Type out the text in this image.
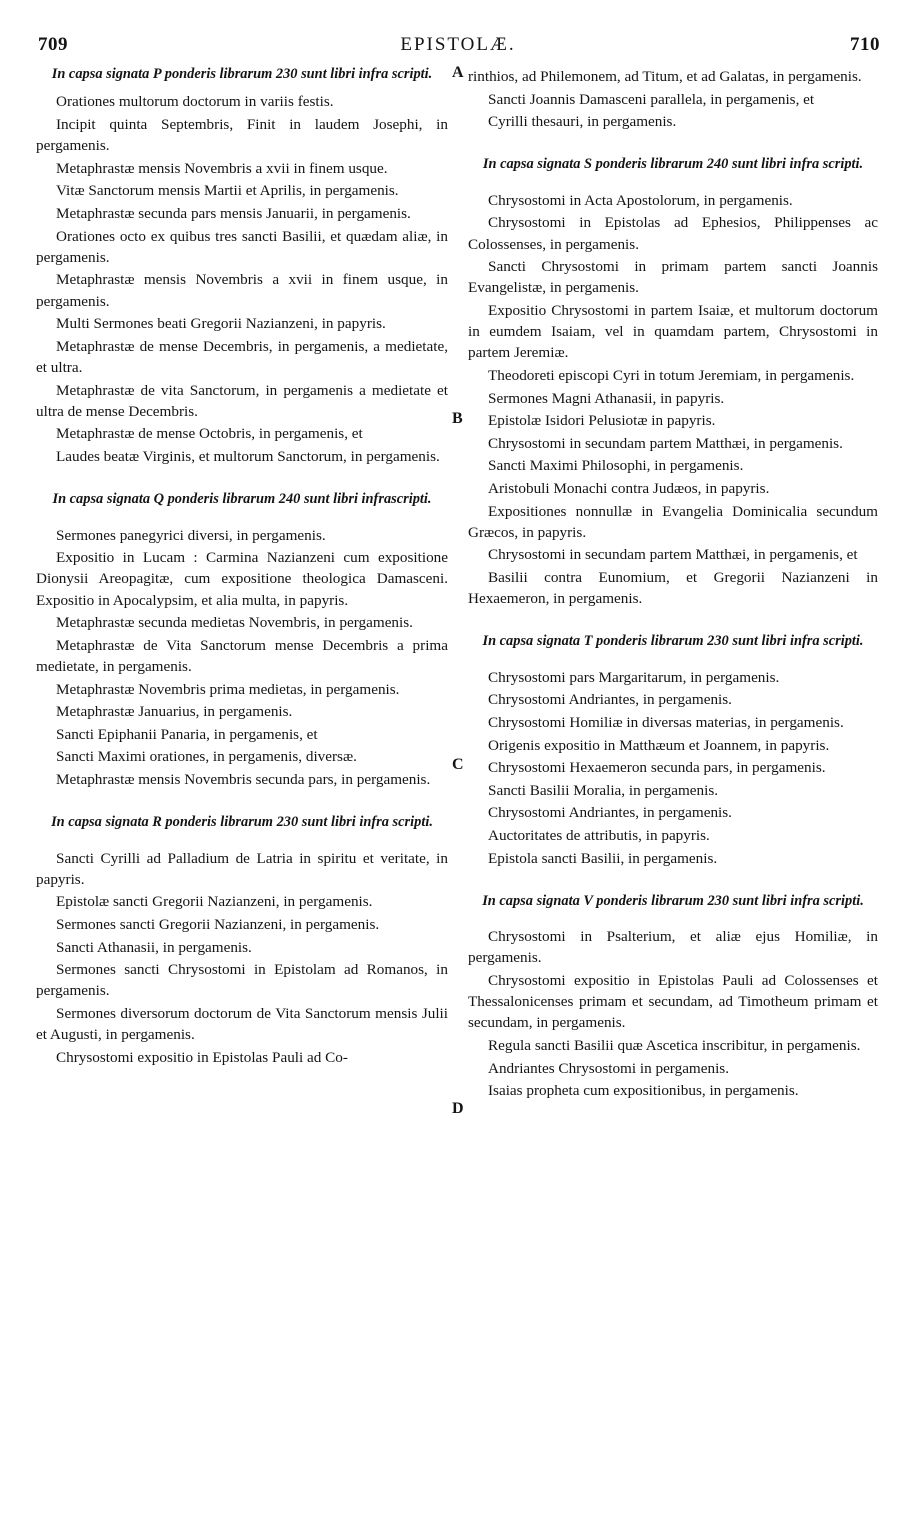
709	EPISTOLÆ.	710

In capsa signata P ponderis librarum 230 sunt libri infra scripti.

Orationes multorum doctorum in variis festis.

Incipit quinta Septembris, Finit in laudem Josephi, in pergamenis.

Metaphrastæ mensis Novembris a xvii in finem usque.

Vitæ Sanctorum mensis Martii et Aprilis, in pergamenis.

Metaphrastæ secunda pars mensis Januarii, in pergamenis.

Orationes octo ex quibus tres sancti Basilii, et quædam aliæ, in pergamenis.

Metaphrastæ mensis Novembris a xvii in finem usque, in pergamenis.

Multi Sermones beati Gregorii Nazianzeni, in papyris.

Metaphrastæ de mense Decembris, in pergamenis, a medietate, et ultra.

Metaphrastæ de vita Sanctorum, in pergamenis a medietate et ultra de mense Decembris.

Metaphrastæ de mense Octobris, in pergamenis, et

Laudes beatæ Virginis, et multorum Sanctorum, in pergamenis.

In capsa signata Q ponderis librarum 240 sunt libri infrascripti.

Sermones panegyrici diversi, in pergamenis.

Expositio in Lucam : Carmina Nazianzeni cum expositione Dionysii Areopagitæ, cum expositione theologica Damasceni. Expositio in Apocalypsim, et alia multa, in papyris.

Metaphrastæ secunda medietas Novembris, in pergamenis.

Metaphrastæ de Vita Sanctorum mense Decembris a prima medietate, in pergamenis.

Metaphrastæ Novembris prima medietas, in pergamenis.

Metaphrastæ Januarius, in pergamenis.

Sancti Epiphanii Panaria, in pergamenis, et

Sancti Maximi orationes, in pergamenis, diversæ.

Metaphrastæ mensis Novembris secunda pars, in pergamenis.

In capsa signata R ponderis librarum 230 sunt libri infra scripti.

Sancti Cyrilli ad Palladium de Latria in spiritu et veritate, in papyris.

Epistolæ sancti Gregorii Nazianzeni, in pergamenis.

Sermones sancti Gregorii Nazianzeni, in pergamenis.

Sancti Athanasii, in pergamenis.

Sermones sancti Chrysostomi in Epistolam ad Romanos, in pergamenis.

Sermones diversorum doctorum de Vita Sanctorum mensis Julii et Augusti, in pergamenis.

Chrysostomi expositio in Epistolas Pauli ad Co-

rinthios, ad Philemonem, ad Titum, et ad Galatas, in pergamenis.

Sancti Joannis Damasceni parallela, in pergamenis, et

Cyrilli thesauri, in pergamenis.

In capsa signata S ponderis librarum 240 sunt libri infra scripti.

Chrysostomi in Acta Apostolorum, in pergamenis.

Chrysostomi in Epistolas ad Ephesios, Philippenses ac Colossenses, in pergamenis.

Sancti Chrysostomi in primam partem sancti Joannis Evangelistæ, in pergamenis.

Expositio Chrysostomi in partem Isaiæ, et multorum doctorum in eumdem Isaiam, vel in quamdam partem, Chrysostomi in partem Jeremiæ.

Theodoreti episcopi Cyri in totum Jeremiam, in pergamenis.

Sermones Magni Athanasii, in papyris.

Epistolæ Isidori Pelusiotæ in papyris.

Chrysostomi in secundam partem Matthæi, in pergamenis.

Sancti Maximi Philosophi, in pergamenis.

Aristobuli Monachi contra Judæos, in papyris.

Expositiones nonnullæ in Evangelia Dominicalia secundum Græcos, in papyris.

Chrysostomi in secundam partem Matthæi, in pergamenis, et

Basilii contra Eunomium, et Gregorii Nazianzeni in Hexaemeron, in pergamenis.

In capsa signata T ponderis librarum 230 sunt libri infra scripti.

Chrysostomi pars Margaritarum, in pergamenis.

Chrysostomi Andriantes, in pergamenis.

Chrysostomi Homiliæ in diversas materias, in pergamenis.

Origenis expositio in Matthæum et Joannem, in papyris.

Chrysostomi Hexaemeron secunda pars, in pergamenis.

Sancti Basilii Moralia, in pergamenis.

Chrysostomi Andriantes, in pergamenis.

Auctoritates de attributis, in papyris.

Epistola sancti Basilii, in pergamenis.

In capsa signata V ponderis librarum 230 sunt libri infra scripti.

Chrysostomi in Psalterium, et aliæ ejus Homiliæ, in pergamenis.

Chrysostomi expositio in Epistolas Pauli ad Colossenses et Thessalonicenses primam et secundam, ad Timotheum primam et secundam, in pergamenis.

Regula sancti Basilii quæ Ascetica inscribitur, in pergamenis.

Andriantes Chrysostomi in pergamenis.

Isaias propheta cum expositionibus, in pergamenis.

A
B
C
D
